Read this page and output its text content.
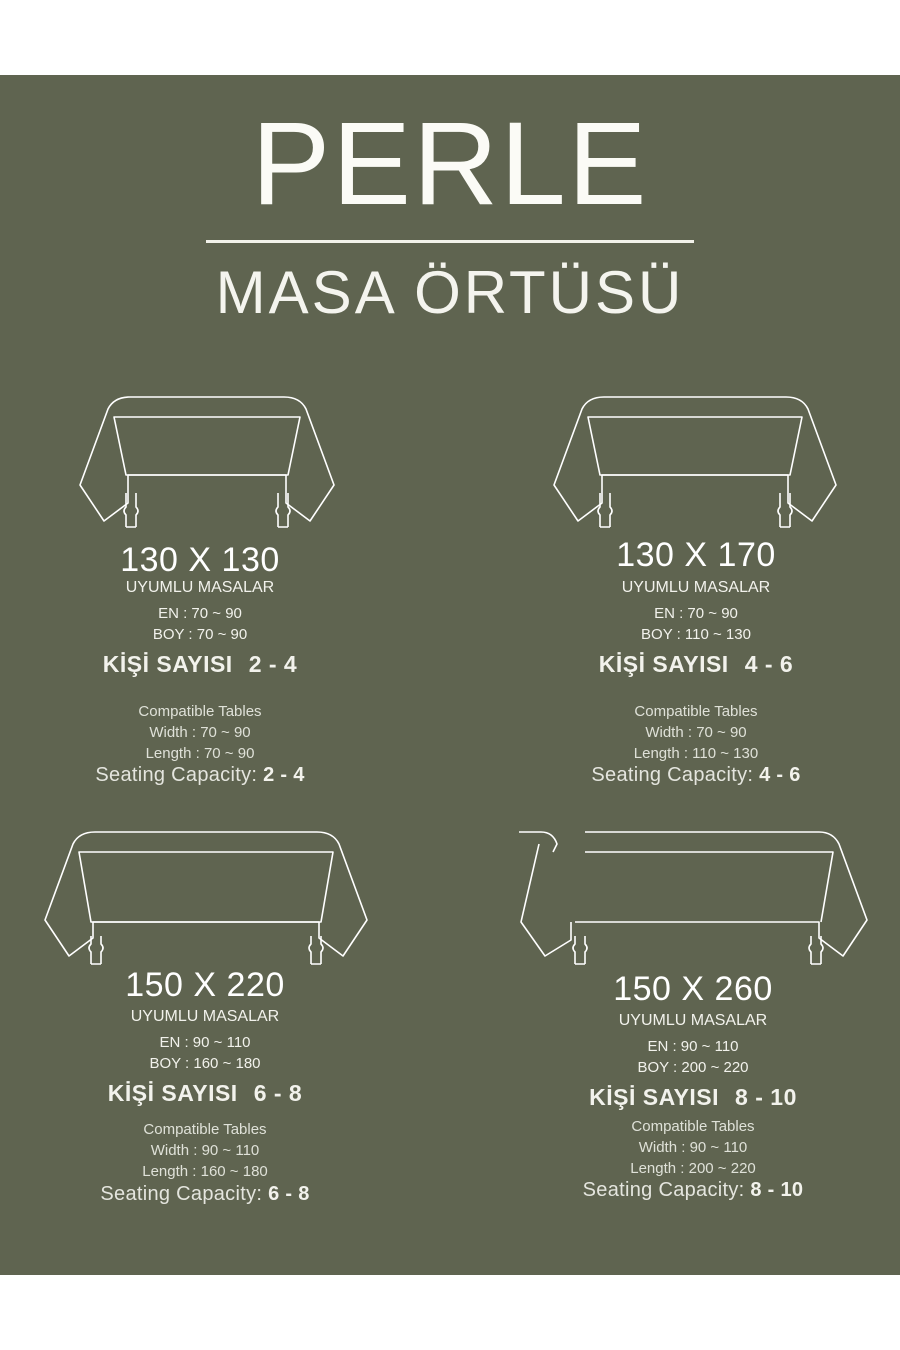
PERLE
MASA ÖRTÜSÜ
130 X 130
UYUMLU MASALAR
EN : 70 ~ 90
BOY : 70 ~ 90
KİŞİ SAYISI 2 - 4
Compatible Tables
Width : 70 ~ 90
Length : 70 ~ 90
Seating Capacity: 2 - 4
130 X 170
UYUMLU MASALAR
EN : 70 ~ 90
BOY : 110 ~ 130
KİŞİ SAYISI 4 - 6
Compatible Tables
Width : 70 ~ 90
Length : 110 ~ 130
Seating Capacity: 4 - 6
150 X 220
UYUMLU MASALAR
EN : 90 ~ 110
BOY : 160 ~ 180
KİŞİ SAYISI 6 - 8
Compatible Tables
Width : 90 ~ 110
Length : 160 ~ 180
Seating Capacity: 6 - 8
150 X 260
UYUMLU MASALAR
EN : 90 ~ 110
BOY : 200 ~ 220
KİŞİ SAYISI 8 - 10
Compatible Tables
Width : 90 ~ 110
Length : 200 ~ 220
Seating Capacity: 8 - 10
